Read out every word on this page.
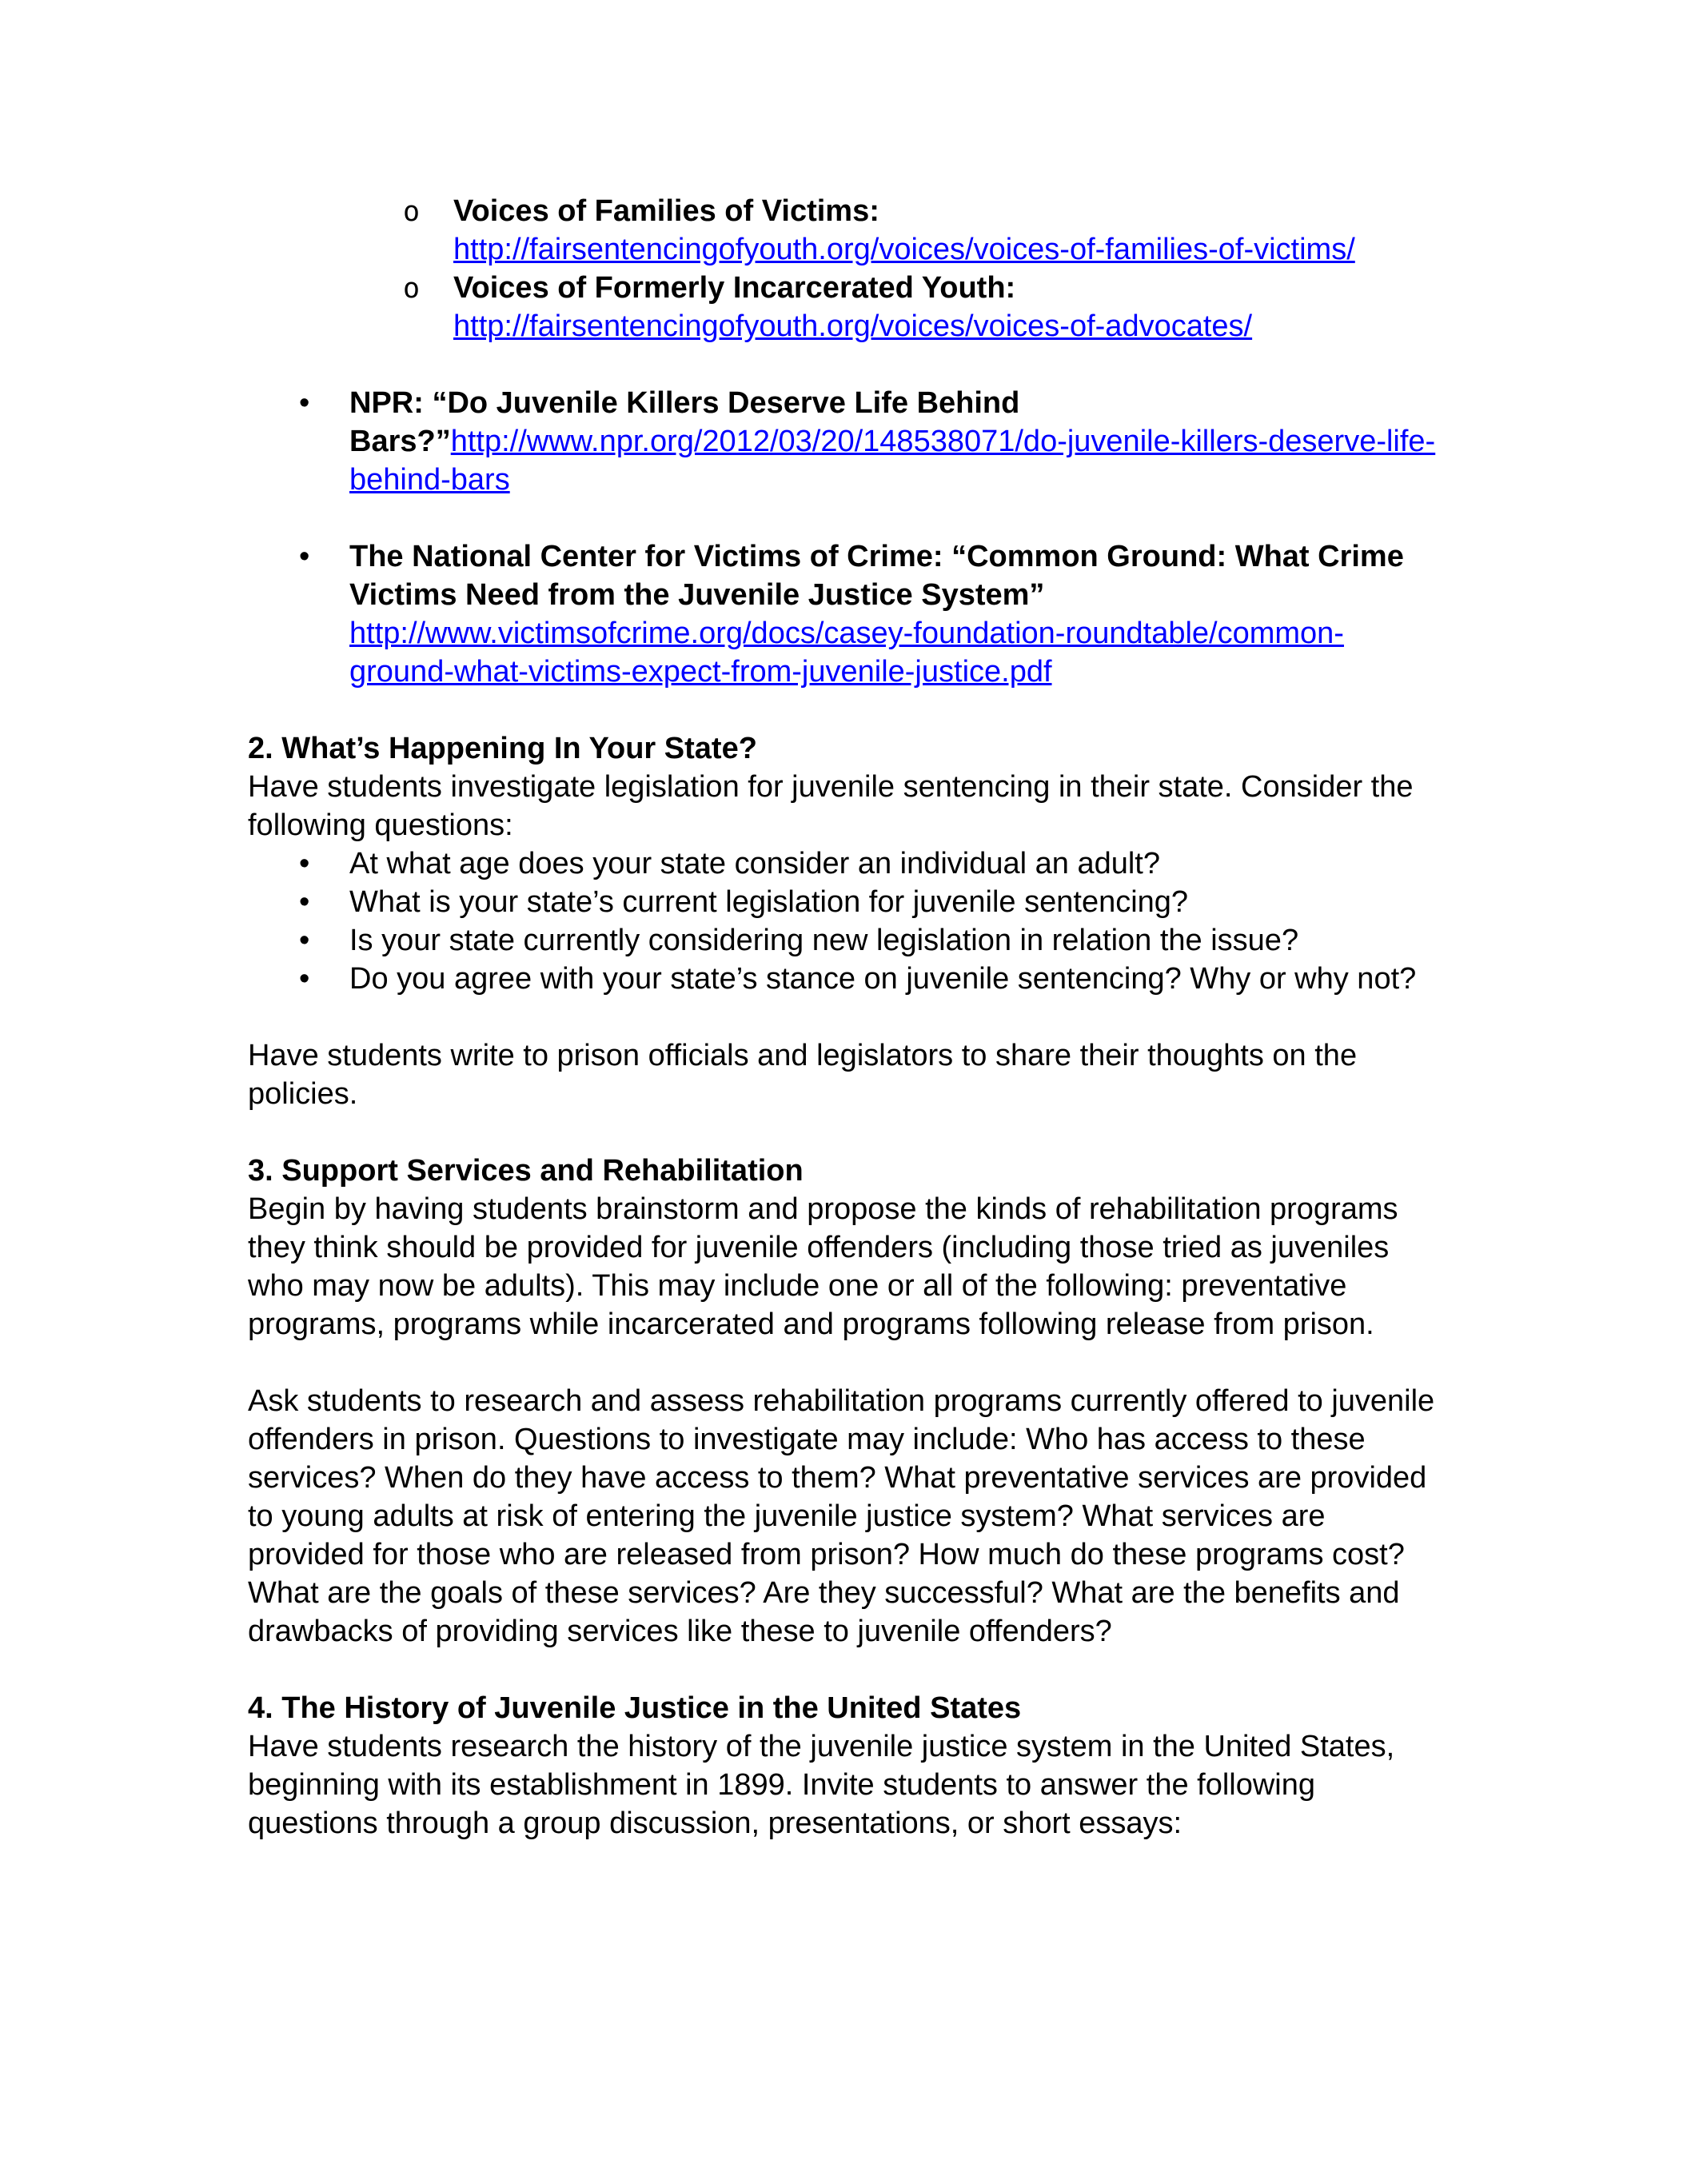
o Voices of Families of Victims: http://fairsentencingofyouth.org/voices/voices-of-families-of-victims/
o Voices of Formerly Incarcerated Youth: http://fairsentencingofyouth.org/voices/voices-of-advocates/
• NPR: “Do Juvenile Killers Deserve Life Behind Bars?”http://www.npr.org/2012/03/20/148538071/do-juvenile-killers-deserve-life-behind-bars
• The National Center for Victims of Crime: “Common Ground: What Crime Victims Need from the Juvenile Justice System” http://www.victimsofcrime.org/docs/casey-foundation-roundtable/common-ground-what-victims-expect-from-juvenile-justice.pdf
2. What’s Happening In Your State?
Have students investigate legislation for juvenile sentencing in their state. Consider the following questions:
• At what age does your state consider an individual an adult?
• What is your state’s current legislation for juvenile sentencing?
• Is your state currently considering new legislation in relation the issue?
• Do you agree with your state’s stance on juvenile sentencing? Why or why not?
Have students write to prison officials and legislators to share their thoughts on the policies.
3. Support Services and Rehabilitation
Begin by having students brainstorm and propose the kinds of rehabilitation programs they think should be provided for juvenile offenders (including those tried as juveniles who may now be adults). This may include one or all of the following: preventative programs, programs while incarcerated and programs following release from prison.
Ask students to research and assess rehabilitation programs currently offered to juvenile offenders in prison. Questions to investigate may include: Who has access to these services? When do they have access to them? What preventative services are provided to young adults at risk of entering the juvenile justice system? What services are provided for those who are released from prison? How much do these programs cost? What are the goals of these services? Are they successful? What are the benefits and drawbacks of providing services like these to juvenile offenders?
4. The History of Juvenile Justice in the United States
Have students research the history of the juvenile justice system in the United States, beginning with its establishment in 1899. Invite students to answer the following questions through a group discussion, presentations, or short essays:
